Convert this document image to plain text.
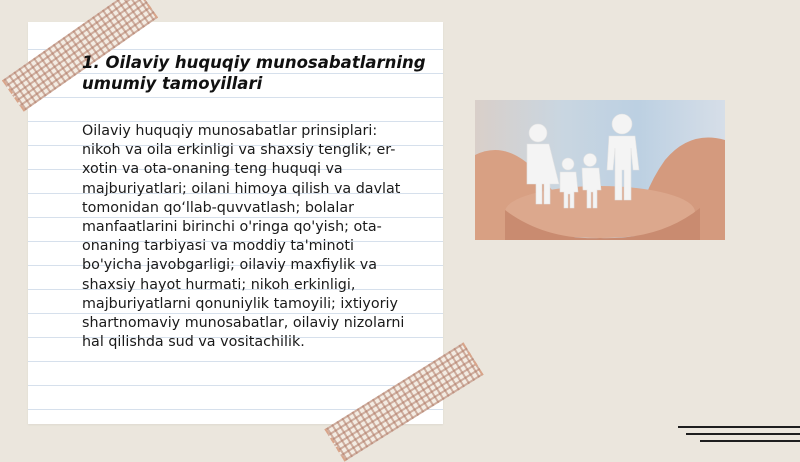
1. Oilaviy huquqiy munosabatlarning umumiy tamoyillari

Oilaviy huquqiy munosabatlar prinsiplari:
nikoh va oila erkinligi va shaxsiy tenglik; er-
xotin va ota-onaning teng huquqi va
majburiyatlari; oilani himoya qilish va davlat
tomonidan qo‘llab-quvvatlash; bolalar
manfaatlarini birinchi o'ringa qo'yish; ota-
onaning tarbiyasi va moddiy ta'minoti
bo'yicha javobgarligi; oilaviy maxfiylik va
shaxsiy hayot hurmati; nikoh erkinligi,
majburiyatlarni qonuniylik tamoyili; ixtiyoriy
shartnomaviy munosabatlar, oilaviy nizolarni
hal qilishda sud va vositachilik.
